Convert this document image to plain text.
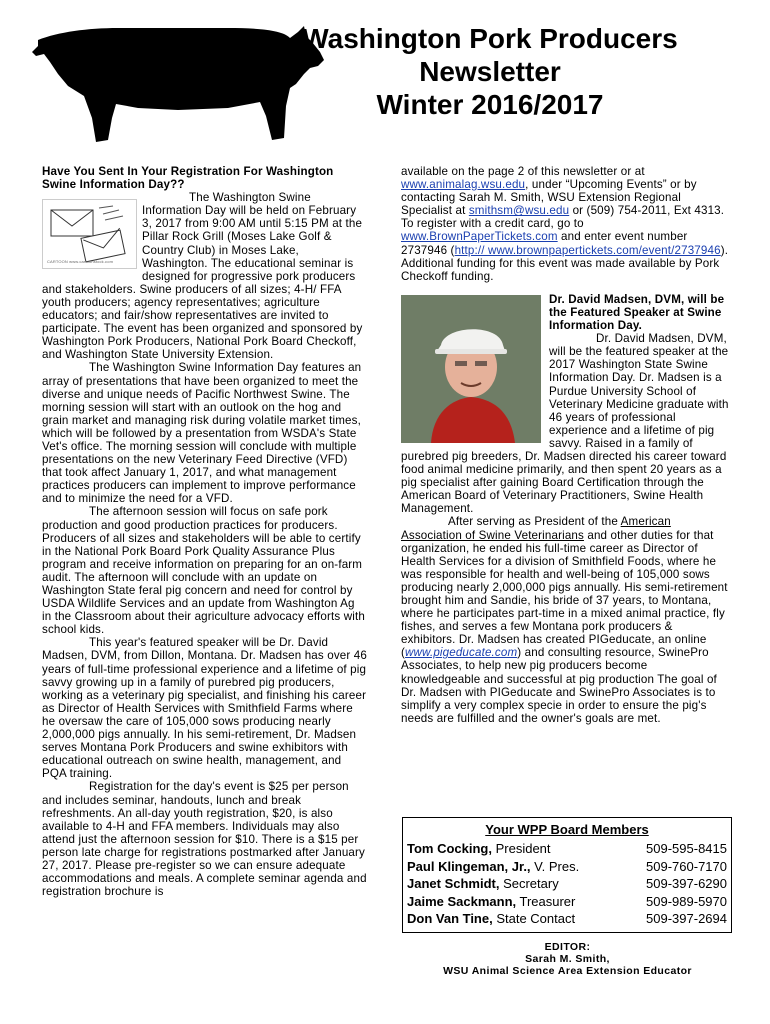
Washington Pork Producers
Newsletter
Winter 2016/2017

Have You Sent In Your Registration For Washington Swine Information Day??

CARTOON www.cartoonstock.com

The Washington Swine Information Day will be held on February 3, 2017 from 9:00 AM until 5:15 PM at the Pillar Rock Grill (Moses Lake Golf & Country Club) in Moses Lake, Washington. The educational seminar is designed for progressive pork producers and stakeholders. Swine producers of all sizes; 4-H/ FFA youth producers; agency representatives; agriculture educators; and fair/show representatives are invited to participate. The event has been organized and sponsored by Washington Pork Producers, National Pork Board Checkoff, and Washington State University Extension.

The Washington Swine Information Day features an array of presentations that have been organized to meet the diverse and unique needs of Pacific Northwest Swine. The morning session will start with an outlook on the hog and grain market and managing risk during volatile market times, which will be followed by a presentation from WSDA's State Vet's office. The morning session will conclude with multiple presentations on the new Veterinary Feed Directive (VFD) that took affect January 1, 2017, and what management practices producers can implement to improve performance and to minimize the need for a VFD.

The afternoon session will focus on safe pork production and good production practices for producers. Producers of all sizes and stakeholders will be able to certify in the National Pork Board Pork Quality Assurance Plus program and receive information on preparing for an on-farm audit. The afternoon will conclude with an update on Washington State feral pig concern and need for control by USDA Wildlife Services and an update from Washington Ag in the Classroom about their agriculture advocacy efforts with school kids.

This year's featured speaker will be Dr. David Madsen, DVM, from Dillon, Montana. Dr. Madsen has over 46 years of full-time professional experience and a lifetime of pig savvy growing up in a family of purebred pig producers, working as a veterinary pig specialist, and finishing his career as Director of Health Services with Smithfield Farms where he oversaw the care of 105,000 sows producing nearly 2,000,000 pigs annually. In his semi-retirement, Dr. Madsen serves Montana Pork Producers and swine exhibitors with educational outreach on swine health, management, and PQA training.

Registration for the day's event is $25 per person and includes seminar, handouts, lunch and break refreshments. An all-day youth registration, $20, is also available to 4-H and FFA members. Individuals may also attend just the afternoon session for $10. There is a $15 per person late charge for registrations postmarked after January 27, 2017. Please pre-register so we can ensure adequate accommodations and meals. A complete seminar agenda and registration brochure is

available on the page 2 of this newsletter or at www.animalag.wsu.edu, under “Upcoming Events” or by contacting Sarah M. Smith, WSU Extension Regional Specialist at smithsm@wsu.edu or (509) 754-2011, Ext 4313. To register with a credit card, go to www.BrownPaperTickets.com and enter event number 2737946 (http:// www.brownpapertickets.com/event/2737946). Additional funding for this event was made available by Pork Checkoff funding.

Dr. David Madsen, DVM, will be the Featured Speaker at Swine Information Day.

Dr. David Madsen, DVM, will be the featured speaker at the 2017 Washington State Swine Information Day. Dr. Madsen is a Purdue University School of Veterinary Medicine graduate with 46 years of professional experience and a lifetime of pig savvy. Raised in a family of purebred pig breeders, Dr. Madsen directed his career toward food animal medicine primarily, and then spent 20 years as a pig specialist after gaining Board Certification through the American Board of Veterinary Practitioners, Swine Health Management.

After serving as President of the American Association of Swine Veterinarians and other duties for that organization, he ended his full-time career as Director of Health Services for a division of Smithfield Foods, where he was responsible for health and well-being of 105,000 sows producing nearly 2,000,000 pigs annually. His semi-retirement brought him and Sandie, his bride of 37 years, to Montana, where he participates part-time in a mixed animal practice, fly fishes, and serves a few Montana pork producers & exhibitors. Dr. Madsen has created PIGeducate, an online (www.pigeducate.com) and consulting resource, SwinePro Associates, to help new pig producers become knowledgeable and successful at pig production The goal of Dr. Madsen with PIGeducate and SwinePro Associates is to simplify a very complex specie in order to ensure the pig's needs are fulfilled and the owner's goals are met.

Your WPP Board Members
Tom Cocking, President	509-595-8415
Paul Klingeman, Jr., V. Pres.	509-760-7170
Janet Schmidt, Secretary	509-397-6290
Jaime Sackmann, Treasurer	509-989-5970
Don Van Tine, State Contact	509-397-2694
EDITOR:
Sarah M. Smith,
WSU Animal Science Area Extension Educator
